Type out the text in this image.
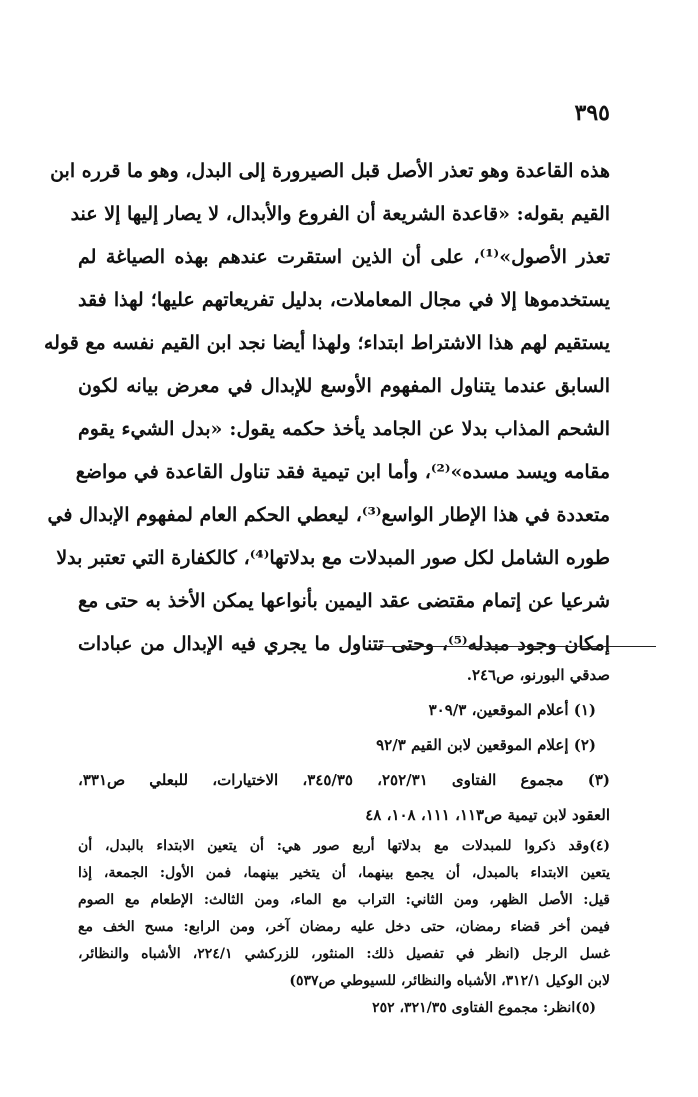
٣٩٥
هذه القاعدة وهو تعذر الأصل قبل الصيرورة إلى البدل، وهو ما قرره ابن
القيم بقوله: «قاعدة الشريعة أن الفروع والأبدال، لا يصار إليها إلا عند
تعذر الأصول»⁽¹⁾، على أن الذين استقرت عندهم بهذه الصياغة لم
يستخدموها إلا في مجال المعاملات، بدليل تفريعاتهم عليها؛ لهذا فقد
يستقيم لهم هذا الاشتراط ابتداء؛ ولهذا أيضا نجد ابن القيم نفسه مع قوله
السابق عندما يتناول المفهوم الأوسع للإبدال في معرض بيانه لكون
الشحم المذاب بدلا عن الجامد يأخذ حكمه يقول: «بدل الشيء يقوم
مقامه ويسد مسده»⁽²⁾، وأما ابن تيمية فقد تناول القاعدة في مواضع
متعددة في هذا الإطار الواسع⁽³⁾، ليعطي الحكم العام لمفهوم الإبدال في
طوره الشامل لكل صور المبدلات مع بدلاتها⁽⁴⁾، كالكفارة التي تعتبر بدلا
شرعيا عن إتمام مقتضى عقد اليمين بأنواعها يمكن الأخذ به حتى مع
إمكان وجود مبدله⁽⁵⁾، وحتى تتناول ما يجري فيه الإبدال من عبادات
صدقي البورنو، ص٢٤٦.
(١) أعلام الموقعين، ٣٠٩/٣
(٢) إعلام الموقعين لابن القيم ٩٢/٣
(٣) مجموع الفتاوى ٢٥٢/٣١، ٣٤٥/٣٥، الاختيارات، للبعلي ص٣٣١،
العقود لابن تيمية ص١١٣، ١١١، ١٠٨، ٤٨
(٤)وقد ذكروا للمبدلات مع بدلاتها أربع صور هي: أن يتعين الابتداء بالبدل، أن
يتعين الابتداء بالمبدل، أن يجمع بينهما، أن يتخير بينهما، فمن الأول: الجمعة، إذا
قيل: الأصل الظهر، ومن الثاني: التراب مع الماء، ومن الثالث: الإطعام مع الصوم
فيمن أخر قضاء رمضان، حتى دخل عليه رمضان آخر، ومن الرابع: مسح الخف مع
غسل الرجل (انظر في تفصيل ذلك: المنثور، للزركشي ٢٢٤/١، الأشباه والنظائر،
لابن الوكيل ٣١٢/١، الأشباه والنظائر، للسيوطي ص٥٣٧)
(٥)انظر: مجموع الفتاوى ٣٢١/٣٥، ٢٥٢
